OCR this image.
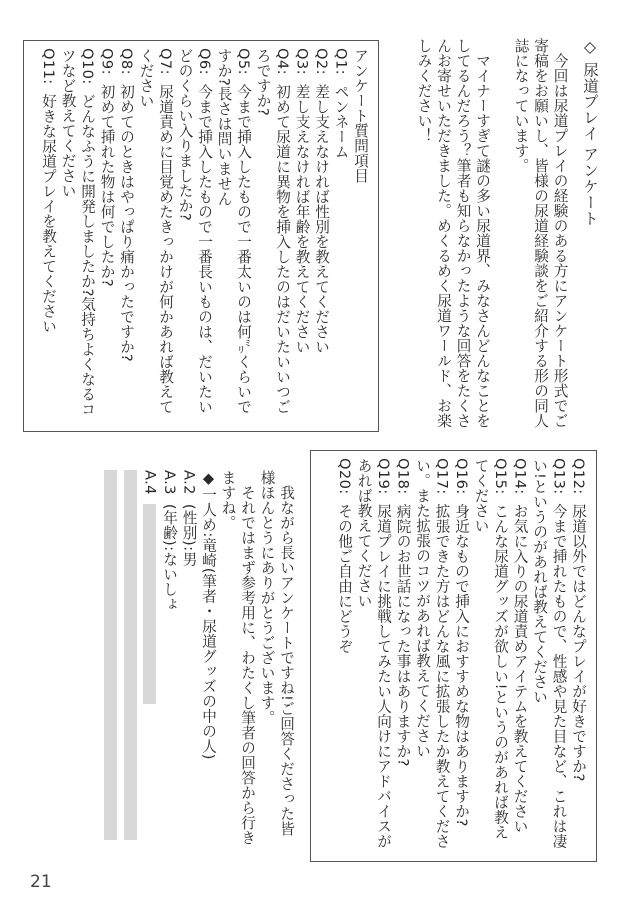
◇ 尿道プレイ アンケート

今回は尿道プレイの経験のある方にアンケート形式でご寄稿をお願いし、皆様の尿道経験談をご紹介する形の同人誌になっています。

マイナーすぎて謎の多い尿道界、みなさんどんなことをしてるんだろう？筆者も知らなかったような回答をたくさんお寄せいただきました。めくるめく尿道ワールド、お楽しみください！

アンケート質問項目

Q1: ペンネーム

Q2: 差し支えなければ性別を教えてください

Q3: 差し支えなければ年齢を教えてください

Q4: 初めて尿道に異物を挿入したのはだいたいいつごろですか?

Q5: 今まで挿入したもので一番太いのは何㍉くらいですか?長さは問いません

Q6: 今まで挿入したもので一番長いものは、だいたいどのくらい入りましたか?

Q7: 尿道責めに目覚めたきっかけが何かあれば教えてください

Q8: 初めてのときはやっぱり痛かったですか?

Q9: 初めて挿れた物は何でしたか?

Q10: どんなふうに開発しましたか?気持ちよくなるコツなど教えてください

Q11: 好きな尿道プレイを教えてください

Q12: 尿道以外ではどんなプレイが好きですか?

Q13: 今まで挿れたもので、性感や見た目など、これは凄い!というのがあれば教えてください

Q14: お気に入りの尿道責めアイテムを教えてください

Q15: こんな尿道グッズが欲しい!というのがあれば教えてください

Q16: 身近なもので挿入におすすめな物はありますか?

Q17: 拡張できた方はどんな風に拡張したか教えてください。また拡張のコツがあれば教えてください

Q18: 病院のお世話になった事はありますか?

Q19: 尿道プレイに挑戦してみたい人向けにアドバイスがあれば教えてください

Q20: その他ご自由にどうぞ

我ながら長いアンケートですね!ご回答くださった皆様ほんとうにありがとうございます。

それではまず参考用に、わたくし筆者の回答から行きますね。

◆一人め:竜崎(筆者・尿道グッズの中の人)

A.2 (性別):男

A.3 (年齢):ないしょ

A.4

21
